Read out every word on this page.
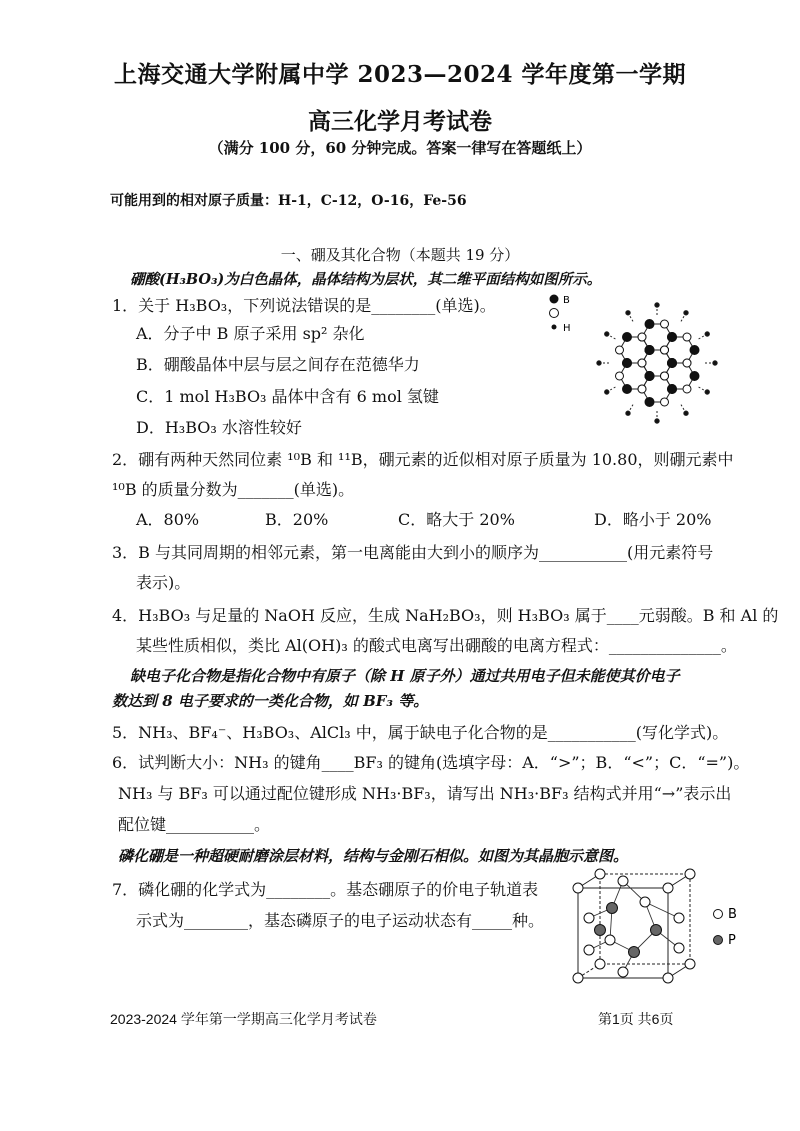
上海交通大学附属中学 2023—2024 学年度第一学期
高三化学月考试卷
（满分 100 分，60 分钟完成。答案一律写在答题纸上）
可能用到的相对原子质量：H-1，C-12，O-16，Fe-56
一、硼及其化合物（本题共 19 分）
硼酸(H₃BO₃)为白色晶体，晶体结构为层状，其二维平面结构如图所示。
1．关于 H₃BO₃，下列说法错误的是________(单选)。
A．分子中 B 原子采用 sp² 杂化
B．硼酸晶体中层与层之间存在范德华力
C．1 mol H₃BO₃ 晶体中含有 6 mol 氢键
D．H₃BO₃ 水溶性较好
B
H
2．硼有两种天然同位素 ¹⁰B 和 ¹¹B，硼元素的近似相对原子质量为 10.80，则硼元素中
¹⁰B 的质量分数为_______(单选)。
A．80%	B．20%	C．略大于 20%	D．略小于 20%
3．B 与其同周期的相邻元素，第一电离能由大到小的顺序为___________(用元素符号
表示)。
4．H₃BO₃ 与足量的 NaOH 反应，生成 NaH₂BO₃，则 H₃BO₃ 属于____元弱酸。B 和 Al 的
某些性质相似，类比 Al(OH)₃ 的酸式电离写出硼酸的电离方程式：______________。
缺电子化合物是指化合物中有原子（除 H 原子外）通过共用电子但未能使其价电子
数达到 8 电子要求的一类化合物，如 BF₃ 等。
5．NH₃、BF₄⁻、H₃BO₃、AlCl₃ 中，属于缺电子化合物的是___________(写化学式)。
6．试判断大小：NH₃ 的键角____BF₃ 的键角(选填字母：A．“>”；B．“<”；C．“=”)。
NH₃ 与 BF₃ 可以通过配位键形成 NH₃·BF₃，请写出 NH₃·BF₃ 结构式并用“→”表示出
配位键___________。
磷化硼是一种超硬耐磨涂层材料，结构与金刚石相似。如图为其晶胞示意图。
7．磷化硼的化学式为________。基态硼原子的价电子轨道表
示式为________，基态磷原子的电子运动状态有_____种。	B
P
2023-2024 学年第一学期高三化学月考试卷	第1页 共6页
